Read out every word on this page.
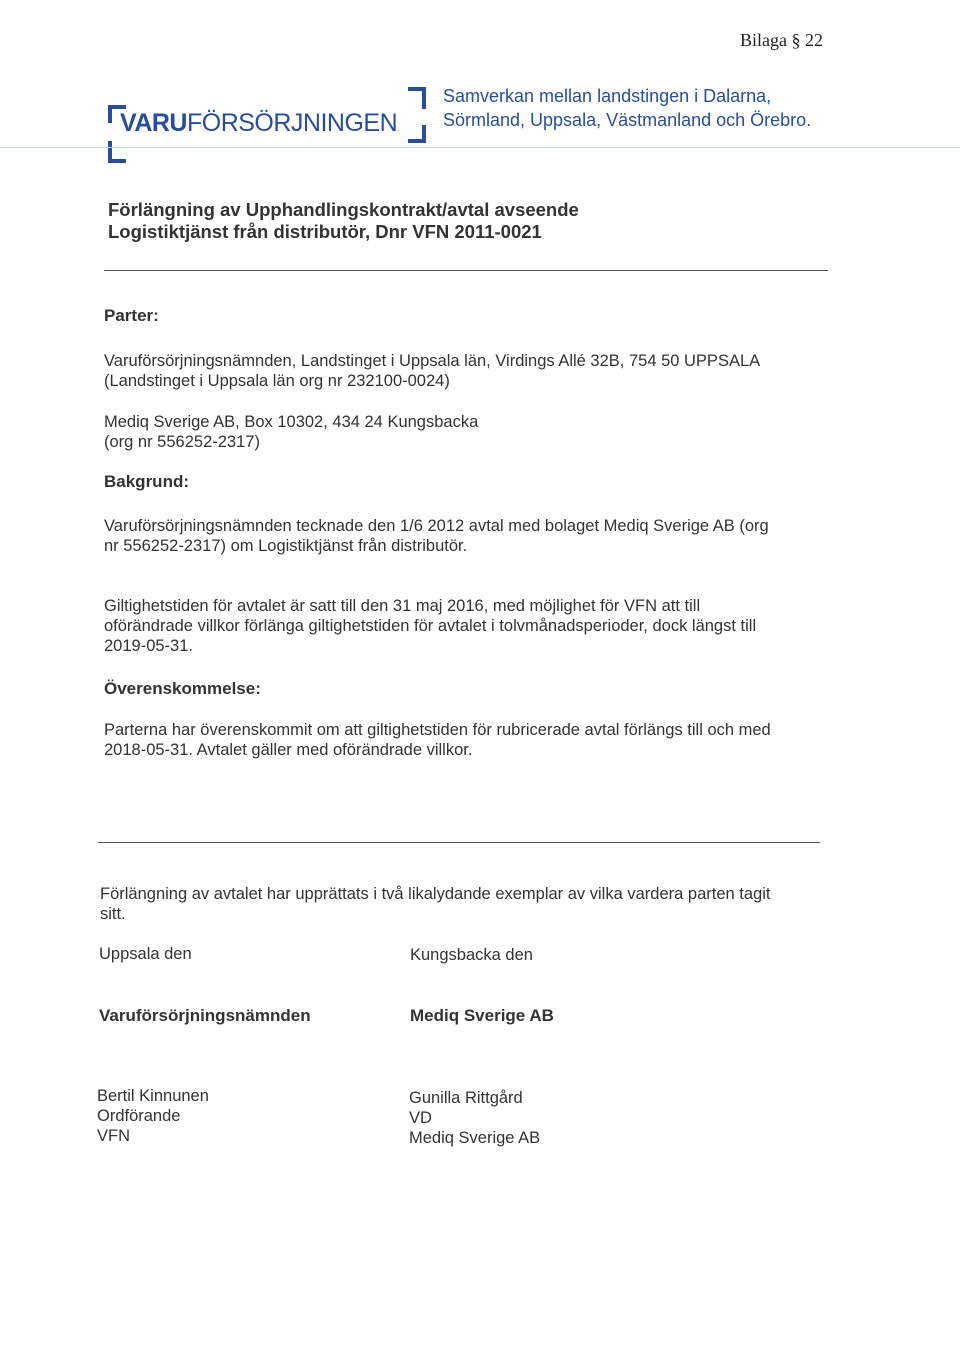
Bilaga § 22
VARUFÖRSÖRJNINGEN
Samverkan mellan landstingen i Dalarna,
Sörmland, Uppsala, Västmanland och Örebro.
Förlängning av Upphandlingskontrakt/avtal avseende
Logistiktjänst från distributör, Dnr VFN 2011-0021
Parter:
Varuförsörjningsnämnden, Landstinget i Uppsala län, Virdings Allé 32B, 754 50 UPPSALA
(Landstinget i Uppsala län org nr 232100-0024)
Mediq Sverige AB, Box 10302, 434 24 Kungsbacka
(org nr 556252-2317)
Bakgrund:
Varuförsörjningsnämnden tecknade den 1/6 2012 avtal med bolaget Mediq Sverige AB (org
nr 556252-2317) om Logistiktjänst från distributör.
Giltighetstiden för avtalet är satt till den 31 maj 2016, med möjlighet för VFN att till
oförändrade villkor förlänga giltighetstiden för avtalet i tolvmånadsperioder, dock längst till
2019-05-31.
Överenskommelse:
Parterna har överenskommit om att giltighetstiden för rubricerade avtal förlängs till och med
2018-05-31. Avtalet gäller med oförändrade villkor.
Förlängning av avtalet har upprättats i två likalydande exemplar av vilka vardera parten tagit
sitt.
Uppsala den	Kungsbacka den
Varuförsörjningsnämnden	Mediq Sverige AB
Bertil Kinnunen
Ordförande
VFN
Gunilla Rittgård
VD
Mediq Sverige AB
